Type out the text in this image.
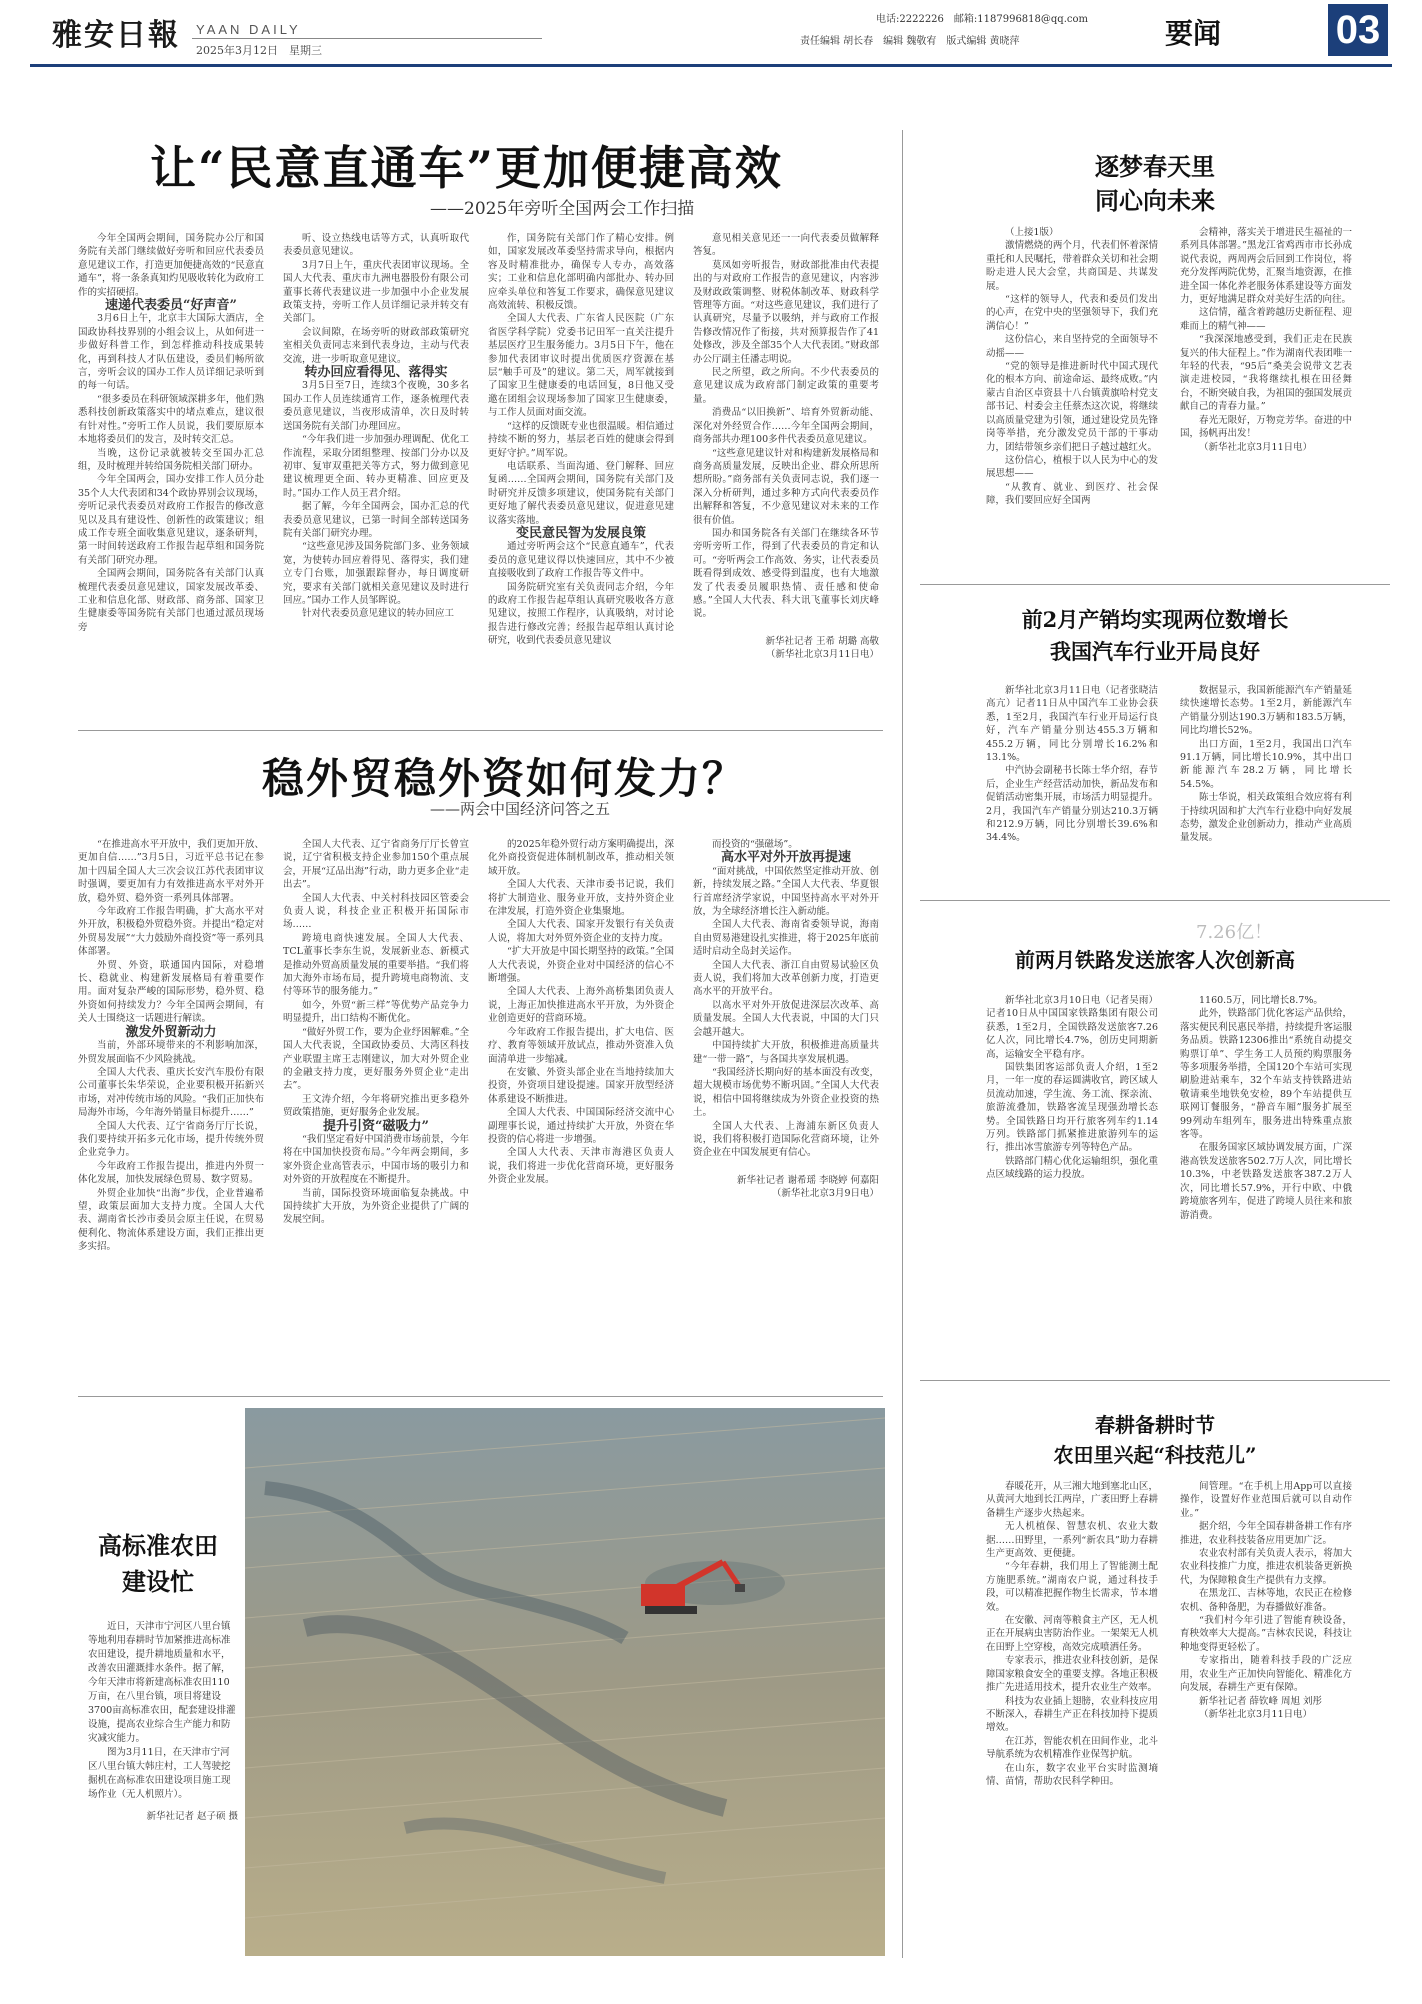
雅安日報 YAAN DAILY
2025年3月12日　星期三
电话:2222226　邮箱:1187996818@qq.com
责任编辑 胡长春　编辑 魏敬宥　版式编辑 黄晓萍	要闻	03
让“民意直通车”更加便捷高效
——2025年旁听全国两会工作扫描

今年全国两会期间，国务院办公厅和国务院有关部门继续做好旁听和回应代表委员意见建议工作，打造更加便捷高效的“民意直通车”，将一条条真知灼见吸收转化为政府工作的实招硬招。

速递代表委员“好声音”

3月6日上午，北京丰大国际大酒店，全国政协科技界别的小组会议上，从如何进一步做好科普工作，到怎样推动科技成果转化，再到科技人才队伍建设，委员们畅所欲言，旁听会议的国办工作人员详细记录听到的每一句话。

“很多委员在科研领域深耕多年，他们熟悉科技创新政策落实中的堵点难点，建议很有针对性。”旁听工作人员说，我们要原原本本地将委员们的发言，及时转交汇总。

当晚，这份记录就被转交至国办汇总组，及时梳理并转给国务院相关部门研办。

今年全国两会，国办安排工作人员分赴35个人大代表团和34个政协界别会议现场，旁听记录代表委员对政府工作报告的修改意见以及具有建设性、创新性的政策建议；组成工作专班全面收集意见建议，逐条研判，第一时间转送政府工作报告起草组和国务院有关部门研究办理。

全国两会期间，国务院各有关部门认真梳理代表委员意见建议，国家发展改革委、工业和信息化部、财政部、商务部、国家卫生健康委等国务院有关部门也通过派员现场旁

听、设立热线电话等方式，认真听取代表委员意见建议。

3月7日上午，重庆代表团审议现场。全国人大代表、重庆市九洲电器股份有限公司董事长蒋代表建议进一步加强中小企业发展政策支持，旁听工作人员详细记录并转交有关部门。

会议间隙，在场旁听的财政部政策研究室相关负责同志来到代表身边，主动与代表交流，进一步听取意见建议。

转办回应看得见、落得实

3月5日至7日，连续3个夜晚，30多名国办工作人员连续通宵工作，逐条梳理代表委员意见建议，当夜形成清单，次日及时转送国务院有关部门办理回应。

“今年我们进一步加强办理调配、优化工作流程，采取分团组整理、按部门分办以及初审、复审双重把关等方式，努力做到意见建议梳理更全面、转办更精准、回应更及时。”国办工作人员王君介绍。

据了解，今年全国两会，国办汇总的代表委员意见建议，已第一时间全部转送国务院有关部门研究办理。

“这些意见涉及国务院部门多、业务领域宽，为使转办回应着得见、落得实，我们建立专门台账，加强跟踪督办，每日调度研究，要求有关部门就相关意见建议及时进行回应。”国办工作人员邹晖说。

针对代表委员意见建议的转办回应工

作，国务院有关部门作了精心安排。例如，国家发展改革委坚持需求导向，根据内容及时精准批办，确保专人专办，高效落实；工业和信息化部明确内部批办、转办回应牵头单位和答复工作要求，确保意见建议高效流转、积极反馈。

全国人大代表、广东省人民医院（广东省医学科学院）党委书记田军一直关注提升基层医疗卫生服务能力。3月5日下午，他在参加代表团审议时提出优质医疗资源在基层“触手可及”的建议。第二天，周军就接到了国家卫生健康委的电话回复，8日他又受邀在团组会议现场参加了国家卫生健康委，与工作人员面对面交流。

“这样的反馈既专业也很温暖。相信通过持续不断的努力，基层老百姓的健康会得到更好守护。”周军说。

电话联系、当面沟通、登门解释、回应复函……全国两会期间，国务院有关部门及时研究并反馈多项建议，使国务院有关部门更好地了解代表委员意见建议，促进意见建议落实落地。

变民意民智为发展良策

通过旁听两会这个“民意直通车”，代表委员的意见建议得以快速回应，其中不少被直接吸收到了政府工作报告等文件中。

国务院研究室有关负责同志介绍，今年的政府工作报告起草组认真研究吸收各方意见建议，按照工作程序，认真吸纳，对讨论报告进行修改完善；经报告起草组认真讨论研究，收到代表委员意见建议

意见相关意见还一一向代表委员做解释答复。

莫凤如旁听报告，财政部批准由代表提出的与对政府工作报告的意见建议，内容涉及财政政策调整、财税体制改革、财政科学管理等方面。“对这些意见建议，我们进行了认真研究，尽量予以吸纳，并与政府工作报告修改情况作了衔接，共对预算报告作了41处修改，涉及全部35个人大代表团。”财政部办公厅副主任潘志明说。

民之所望，政之所向。不少代表委员的意见建议成为政府部门制定政策的重要考量。

消费品“以旧换新”、培育外贸新动能、深化对外经贸合作……今年全国两会期间，商务部共办理100多件代表委员意见建议。

“这些意见建议针对和构建新发展格局和商务高质量发展，反映出企业、群众所思所想所盼。”商务部有关负责同志说，我们逐一深入分析研判，通过多种方式向代表委员作出解释和答复，不少意见建议对未来的工作很有价值。

国办和国务院各有关部门在继续各环节旁听旁听工作，得到了代表委员的肯定和认可。“旁听两会工作高效、务实，让代表委员既看得到成效、感受得到温度，也有大地激发了代表委员履职热情、责任感和使命感。”全国人大代表、科大讯飞董事长刘庆峰说。

新华社记者 王希 胡璐 高敬

（新华社北京3月11日电）

逐梦春天里
同心向未来

（上接1版）

激情燃烧的两个月，代表们怀着深情重托和人民嘱托，带着群众关切和社会期盼走进人民大会堂，共商国是、共谋发展。

“这样的领导人，代表和委员们发出的心声，在党中央的坚强领导下，我们充满信心！”

这份信心，来自坚持党的全面领导不动摇——

“党的领导是推进新时代中国式现代化的根本方向、前途命运、最终成败。”内蒙古自治区卓资县十八台镇黄旗哈村党支部书记、村委会主任蔡杰这次说，将继续以高质量党建为引领，通过建设党员先锋岗等举措，充分激发党员干部的干事动力，团结带领乡亲们把日子越过越红火。

这份信心，植根于以人民为中心的发展思想——

“从教育、就业、到医疗、社会保障，我们要回应好全国两

会精神，落实关于增进民生福祉的一系列具体部署。”黑龙江省鸡西市市长孙成说代表说，两周两会后回到工作岗位，将充分发挥两院优势，汇聚当地资源，在推进全国一体化养老服务体系建设等方面发力，更好地满足群众对美好生活的向往。

这信情，蕴含着跨越历史新征程、迎难而上的精气神——

“我深深地感受到，我们正走在民族复兴的伟大征程上。”作为湖南代表团唯一年轻的代表，“95后”桑美会说带文艺表演走进校园，“我将继续扎根在田径舞台，不断突破自我，为祖国的强国发展贡献自己的青春力量。”

春光无限好，万物竞芳华。奋进的中国，扬帆再出发！

（新华社北京3月11日电）

前2月产销均实现两位数增长
我国汽车行业开局良好

新华社北京3月11日电（记者张晓洁 高亢）记者11日从中国汽车工业协会获悉，1至2月，我国汽车行业开局运行良好，汽车产销量分别达455.3万辆和455.2万辆，同比分别增长16.2%和13.1%。

中汽协会副秘书长陈士华介绍，春节后，企业生产经营活动加快，新品发布和促销活动密集开展，市场活力明显提升。2月，我国汽车产销量分别达210.3万辆和212.9万辆，同比分别增长39.6%和34.4%。

数据显示，我国新能源汽车产销量延续快速增长态势。1至2月，新能源汽车产销量分别达190.3万辆和183.5万辆，同比均增长52%。

出口方面，1至2月，我国出口汽车91.1万辆，同比增长10.9%，其中出口新能源汽车28.2万辆，同比增长54.5%。

陈士华说，相关政策组合效应将有利于持续巩固和扩大汽车行业稳中向好发展态势，激发企业创新动力，推动产业高质量发展。

7.26亿！
前两月铁路发送旅客人次创新高

新华社北京3月10日电（记者吴雨）记者10日从中国国家铁路集团有限公司获悉，1至2月，全国铁路发送旅客7.26亿人次，同比增长4.7%，创历史同期新高，运输安全平稳有序。

国铁集团客运部负责人介绍，1至2月，一年一度的春运圆满收官，跨区域人员流动加速，学生流、务工流、探亲流、旅游流叠加，铁路客流呈现强劲增长态势。全国铁路日均开行旅客列车约1.14万列。铁路部门抓紧推进旅游列车的运行，推出冰雪旅游专列等特色产品。

铁路部门精心优化运输组织，强化重点区域线路的运力投放。

1160.5万，同比增长8.7%。

此外，铁路部门优化客运产品供给，落实便民利民惠民举措，持续提升客运服务品质。铁路12306推出“系统自动提交购票订单”、学生务工人员预约购票服务等多项服务举措，全国120个车站可实现刷脸进站乘车，32个车站支持铁路进站敬请乘坐地铁免安检，89个车站提供互联网订餐服务，“静音车厢”服务扩展至99列动车组列车，服务进出特殊重点旅客等。

在服务国家区域协调发展方面，广深港高铁发送旅客502.7万人次，同比增长10.3%，中老铁路发送旅客387.2万人次，同比增长57.9%，开行中欧、中俄跨境旅客列车，促进了跨境人员往来和旅游消费。

稳外贸稳外资如何发力？
——两会中国经济问答之五

“在推进高水平开放中，我们更加开放、更加自信……”3月5日，习近平总书记在参加十四届全国人大三次会议江苏代表团审议时强调，要更加有力有效推进高水平对外开放，稳外贸、稳外资一系列具体部署。

今年政府工作报告明确，扩大高水平对外开放，积极稳外贸稳外资。并提出“稳定对外贸易发展”“大力鼓励外商投资”等一系列具体部署。

外贸、外资，联通国内国际，对稳增长、稳就业、构建新发展格局有着重要作用。面对复杂严峻的国际形势，稳外贸、稳外资如何持续发力？今年全国两会期间，有关人士围绕这一话题进行解读。

激发外贸新动力

当前，外部环境带来的不利影响加深，外贸发展面临不少风险挑战。

全国人大代表、重庆长安汽车股份有限公司董事长朱华荣说，企业要积极开拓新兴市场，对冲传统市场的风险。“我们正加快布局海外市场，今年海外销量目标提升……”

全国人大代表、辽宁省商务厅厅长说，我们要持续开拓多元化市场，提升传统外贸企业竞争力。

今年政府工作报告提出，推进内外贸一体化发展，加快发展绿色贸易、数字贸易。

外贸企业加快“出海”步伐，企业普遍希望，政策层面加大支持力度。全国人大代表、湖南省长沙市委员会原主任说，在贸易便利化、物流体系建设方面，我们正推出更多实招。

全国人大代表、辽宁省商务厅厅长曾宣说，辽宁省积极支持企业参加150个重点展会，开展“辽品出海”行动，助力更多企业“走出去”。

全国人大代表、中关村科技园区管委会负责人说，科技企业正积极开拓国际市场……

跨境电商快速发展。全国人大代表、TCL董事长李东生说，发展新业态、新模式是推动外贸高质量发展的重要举措。“我们将加大海外市场布局，提升跨境电商物流、支付等环节的服务能力。”

如今，外贸“新三样”等优势产品竞争力明显提升，出口结构不断优化。

“做好外贸工作，要为企业纾困解难。”全国人大代表说，全国政协委员、大湾区科技产业联盟主席王志刚建议，加大对外贸企业的金融支持力度，更好服务外贸企业“走出去”。

王文涛介绍，今年将研究推出更多稳外贸政策措施，更好服务企业发展。

提升引资“磁吸力”

“我们坚定看好中国消费市场前景，今年将在中国加快投资布局。”今年两会期间，多家外资企业高管表示，中国市场的吸引力和对外资的开放程度在不断提升。

当前，国际投资环境面临复杂挑战。中国持续扩大开放，为外资企业提供了广阔的发展空间。

的2025年稳外贸行动方案明确提出，深化外商投资促进体制机制改革，推动相关领域开放。

全国人大代表、天津市委书记说，我们将扩大制造业、服务业开放，支持外资企业在津发展，打造外资企业集聚地。

全国人大代表、国家开发银行有关负责人说，将加大对外贸外资企业的支持力度。

“扩大开放是中国长期坚持的政策。”全国人大代表说，外资企业对中国经济的信心不断增强。

全国人大代表、上海外高桥集团负责人说，上海正加快推进高水平开放，为外资企业创造更好的营商环境。

今年政府工作报告提出，扩大电信、医疗、教育等领域开放试点，推动外资准入负面清单进一步缩减。

在安徽、外资头部企业在当地持续加大投资，外资项目建设提速。国家开放型经济体系建设不断推进。

全国人大代表、中国国际经济交流中心副理事长说，通过持续扩大开放，外资在华投资的信心将进一步增强。

全国人大代表、天津市海港区负责人说，我们将进一步优化营商环境，更好服务外资企业发展。

而投资的“强磁场”。

高水平对外开放再提速

“面对挑战，中国依然坚定推动开放、创新，持续发展之路。”全国人大代表、华夏银行首席经济学家说，中国坚持高水平对外开放，为全球经济增长注入新动能。

全国人大代表、海南省委领导说，海南自由贸易港建设扎实推进，将于2025年底前适时启动全岛封关运作。

全国人大代表、浙江自由贸易试验区负责人说，我们将加大改革创新力度，打造更高水平的开放平台。

以高水平对外开放促进深层次改革、高质量发展。全国人大代表说，中国的大门只会越开越大。

中国持续扩大开放，积极推进高质量共建“一带一路”，与各国共享发展机遇。

“我国经济长期向好的基本面没有改变，超大规模市场优势不断巩固。”全国人大代表说，相信中国将继续成为外资企业投资的热土。

全国人大代表、上海浦东新区负责人说，我们将积极打造国际化营商环境，让外资企业在中国发展更有信心。

新华社记者 谢希瑶 李晓婷 何嘉阳

（新华社北京3月9日电）

高标准农田
建设忙
近日，天津市宁河区八里台镇等地利用春耕时节加紧推进高标准农田建设，提升耕地质量和水平，改善农田灌溉排水条件。据了解，今年天津市将新建高标准农田110万亩，在八里台镇，项目将建设3700亩高标准农田，配套建设排灌设施，提高农业综合生产能力和防灾减灾能力。
图为3月11日，在天津市宁河区八里台镇大韩庄村，工人驾驶挖掘机在高标准农田建设项目施工现场作业（无人机照片）。
新华社记者 赵子硕 摄
春耕备耕时节
农田里兴起“科技范儿”

春暖花开，从三湘大地到塞北山区，从黄河大地到长江两岸，广袤田野上春耕备耕生产逐步火热起来。

无人机植保、智慧农机、农业大数据……田野里，一系列“新农具”助力春耕生产更高效、更便捷。

“今年春耕，我们用上了智能测土配方施肥系统。”湖南农户说，通过科技手段，可以精准把握作物生长需求，节本增效。

在安徽、河南等粮食主产区，无人机正在开展病虫害防治作业。一架架无人机在田野上空穿梭，高效完成喷洒任务。

专家表示，推进农业科技创新，是保障国家粮食安全的重要支撑。各地正积极推广先进适用技术，提升农业生产效率。

科技为农业插上翅膀，农业科技应用不断深入，春耕生产正在科技加持下提质增效。

在江苏，智能农机在田间作业，北斗导航系统为农机精准作业保驾护航。

在山东，数字农业平台实时监测墒情、苗情，帮助农民科学种田。

间管理。“在手机上用App可以直接操作，设置好作业范围后就可以自动作业。”

据介绍，今年全国春耕备耕工作有序推进，农业科技装备应用更加广泛。

农业农村部有关负责人表示，将加大农业科技推广力度，推进农机装备更新换代，为保障粮食生产提供有力支撑。

在黑龙江、吉林等地，农民正在检修农机、备种备肥，为春播做好准备。

“我们村今年引进了智能育秧设备，育秧效率大大提高。”吉林农民说，科技让种地变得更轻松了。

专家指出，随着科技手段的广泛应用，农业生产正加快向智能化、精准化方向发展，春耕生产更有保障。

新华社记者 薛钦峰 周旭 刘彤

（新华社北京3月11日电）
